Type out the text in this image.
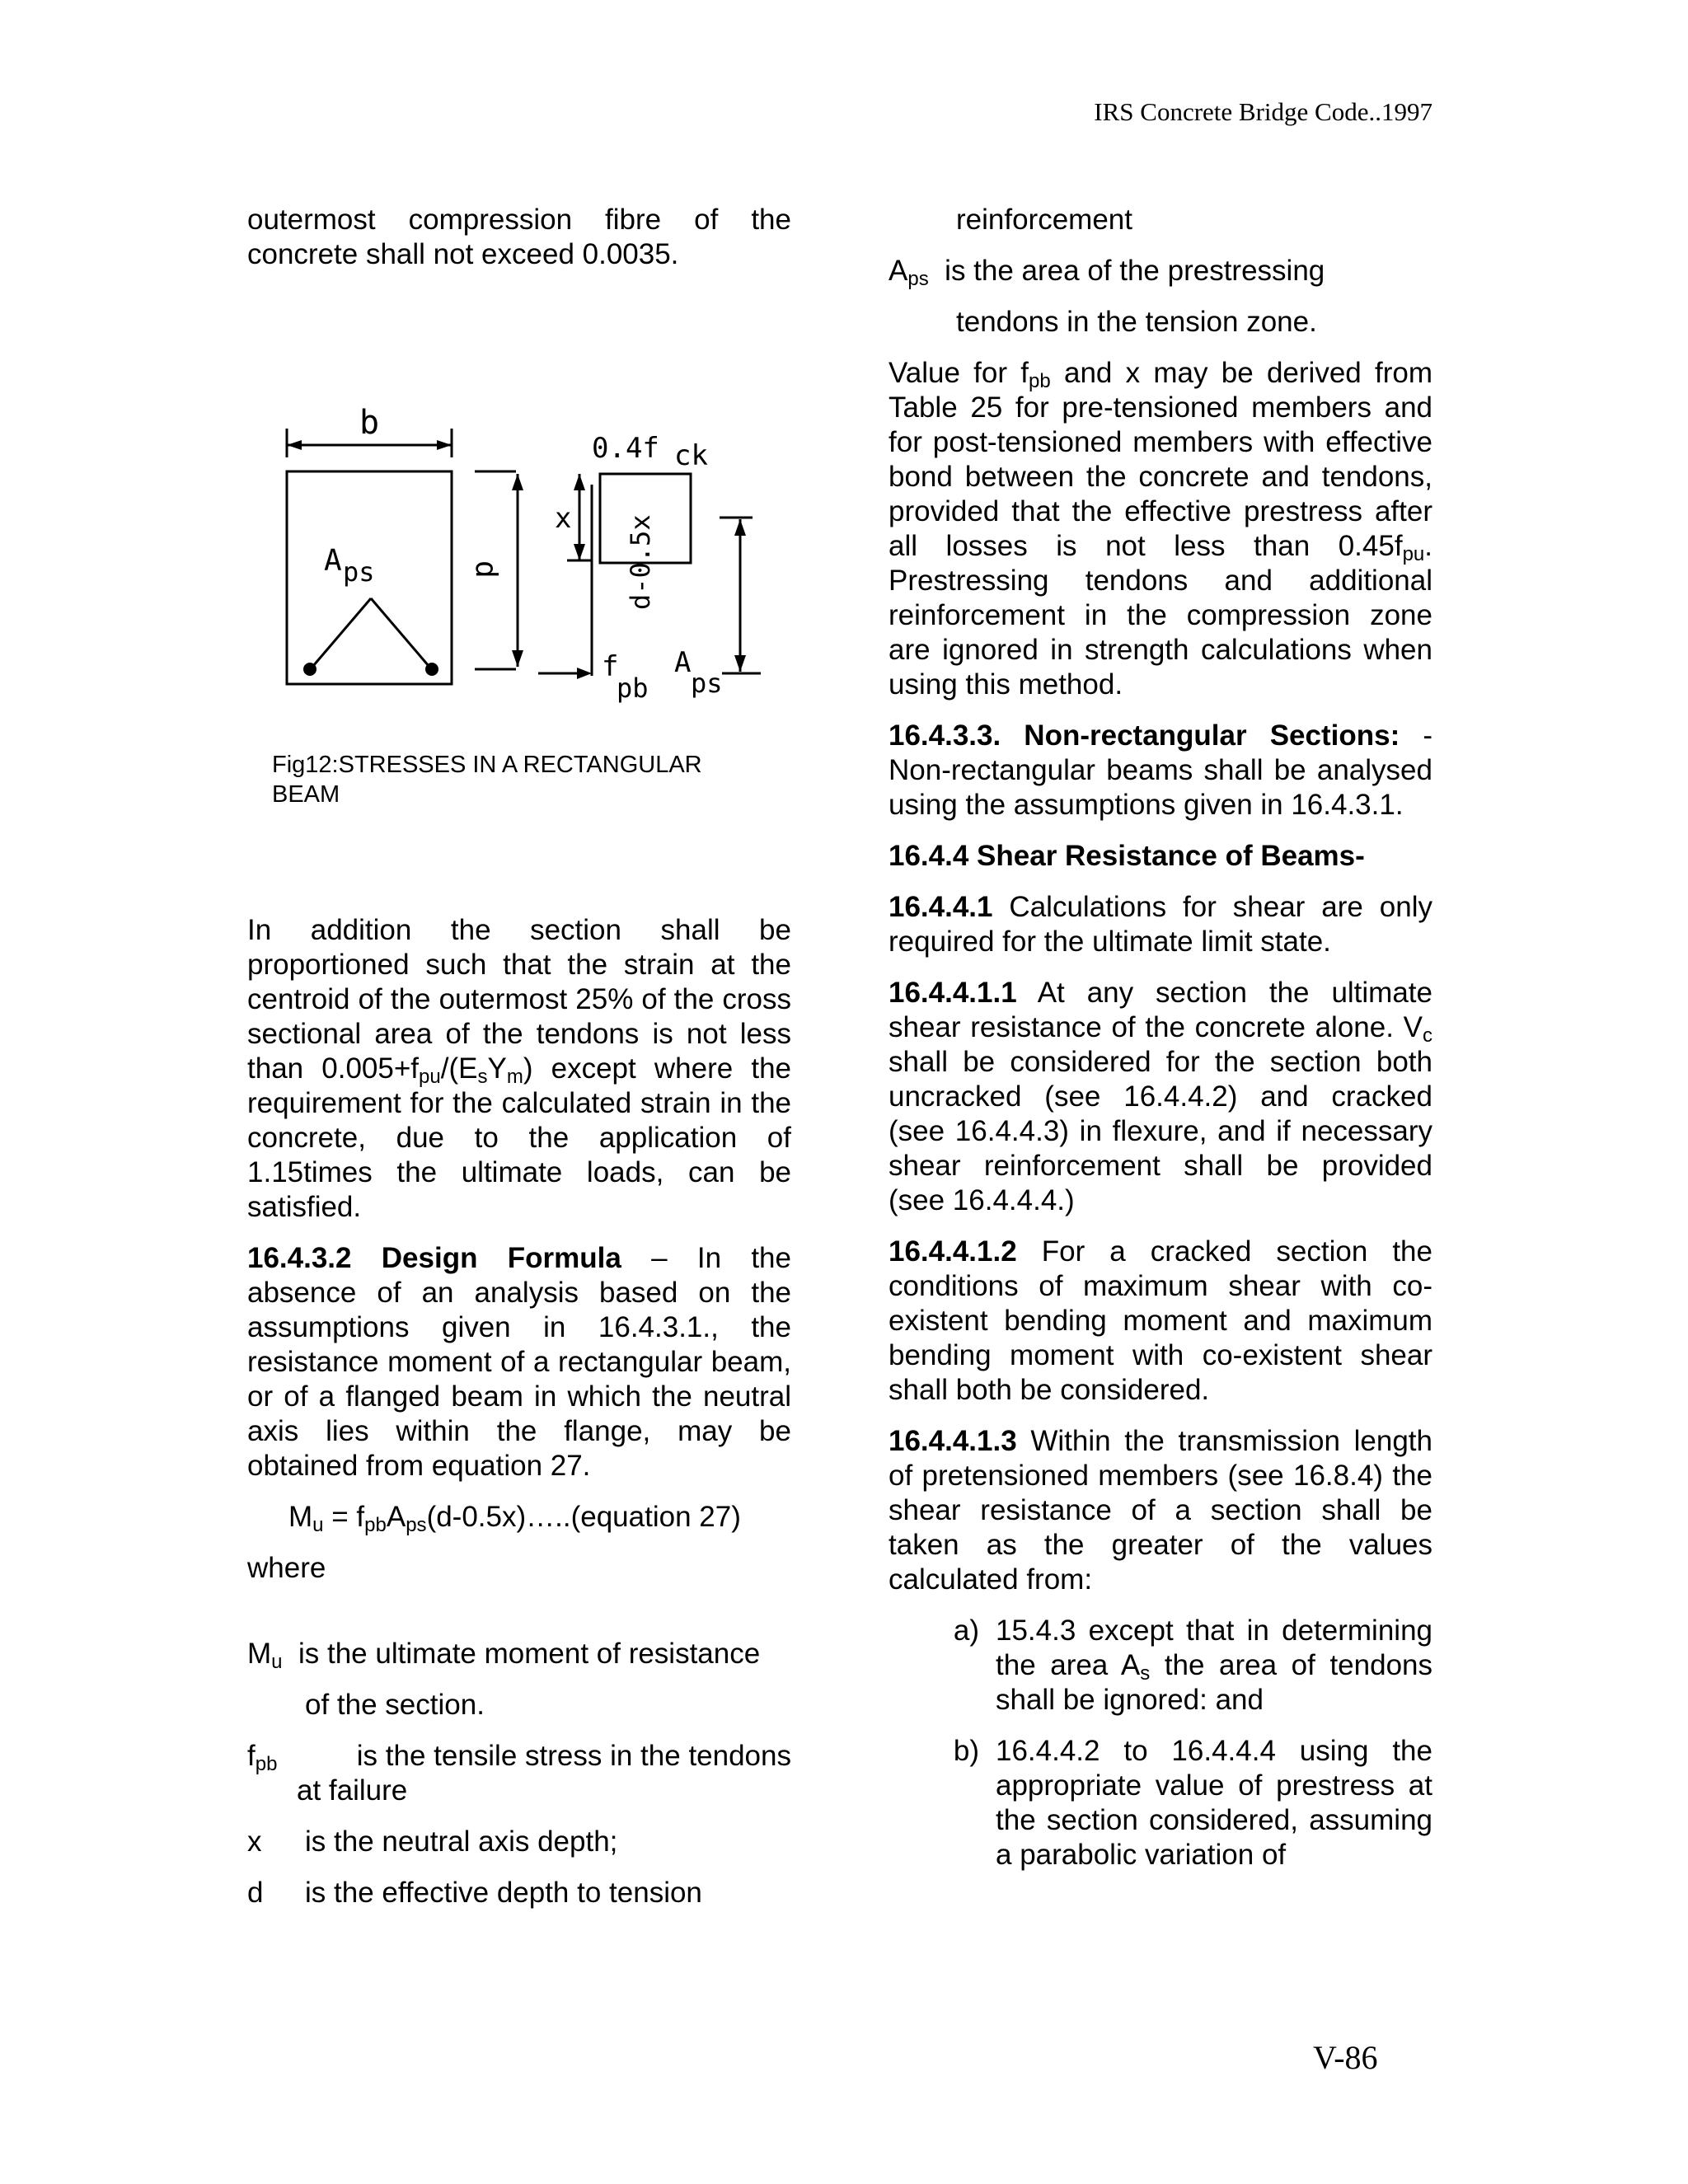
IRS Concrete Bridge Code..1997

outermost compression fibre of the concrete shall not exceed 0.0035.

b
A ps	d
x
0.4f ck
f
pb
A
ps
d-0.5x
Fig12:STRESSES IN A RECTANGULAR BEAM

In addition the section shall be proportioned such that the strain at the centroid of the outermost 25% of the cross sectional area of the tendons is not less than $0.005+f_{pu}/(E_sY_m)$ except where the requirement for the calculated strain in the concrete, due to the application of 1.15times the ultimate loads, can be satisfied.

16.4.3.2 Design Formula – In the absence of an analysis based on the assumptions given in 16.4.3.1., the resistance moment of a rectangular beam, or of a flanged beam in which the neutral axis lies within the flange, may be obtained from equation 27.

$M_u$ = $f_{pb}A_{ps}(d-0.5x)\dots..(equation$ 27)

where

$M_u$ is the ultimate moment of resistance
of the section.
$f_{pb}$	is the tensile stress in the tendons
at failure
x	is the neutral axis depth;
d	is the effective depth to tension

reinforcement

$A_{ps}$ is the area of the prestressing
tendons in the tension zone.

Value for $f_{pb}$ and x may be derived from Table 25 for pre-tensioned members and for post-tensioned members with effective bond between the concrete and tendons, provided that the effective prestress after all losses is not less than $0.45f_{pu}$. Prestressing tendons and additional reinforcement in the compression zone are ignored in strength calculations when using this method.

16.4.3.3. Non-rectangular Sections: - Non-rectangular beams shall be analysed using the assumptions given in 16.4.3.1.

16.4.4 Shear Resistance of Beams-

16.4.4.1 Calculations for shear are only required for the ultimate limit state.

16.4.4.1.1 At any section the ultimate shear resistance of the concrete alone. $V_c$ shall be considered for the section both uncracked (see 16.4.4.2) and cracked (see 16.4.4.3) in flexure, and if necessary shear reinforcement shall be provided (see 16.4.4.4.)

16.4.4.1.2 For a cracked section the conditions of maximum shear with co-existent bending moment and maximum bending moment with co-existent shear shall both be considered.

16.4.4.1.3 Within the transmission length of pretensioned members (see 16.8.4) the shear resistance of a section shall be taken as the greater of the values calculated from:

a) 15.4.3 except that in determining the area $A_s$ the area of tendons shall be ignored: and
b) 16.4.4.2 to 16.4.4.4 using the appropriate value of prestress at the section considered, assuming a parabolic variation of
V-86
